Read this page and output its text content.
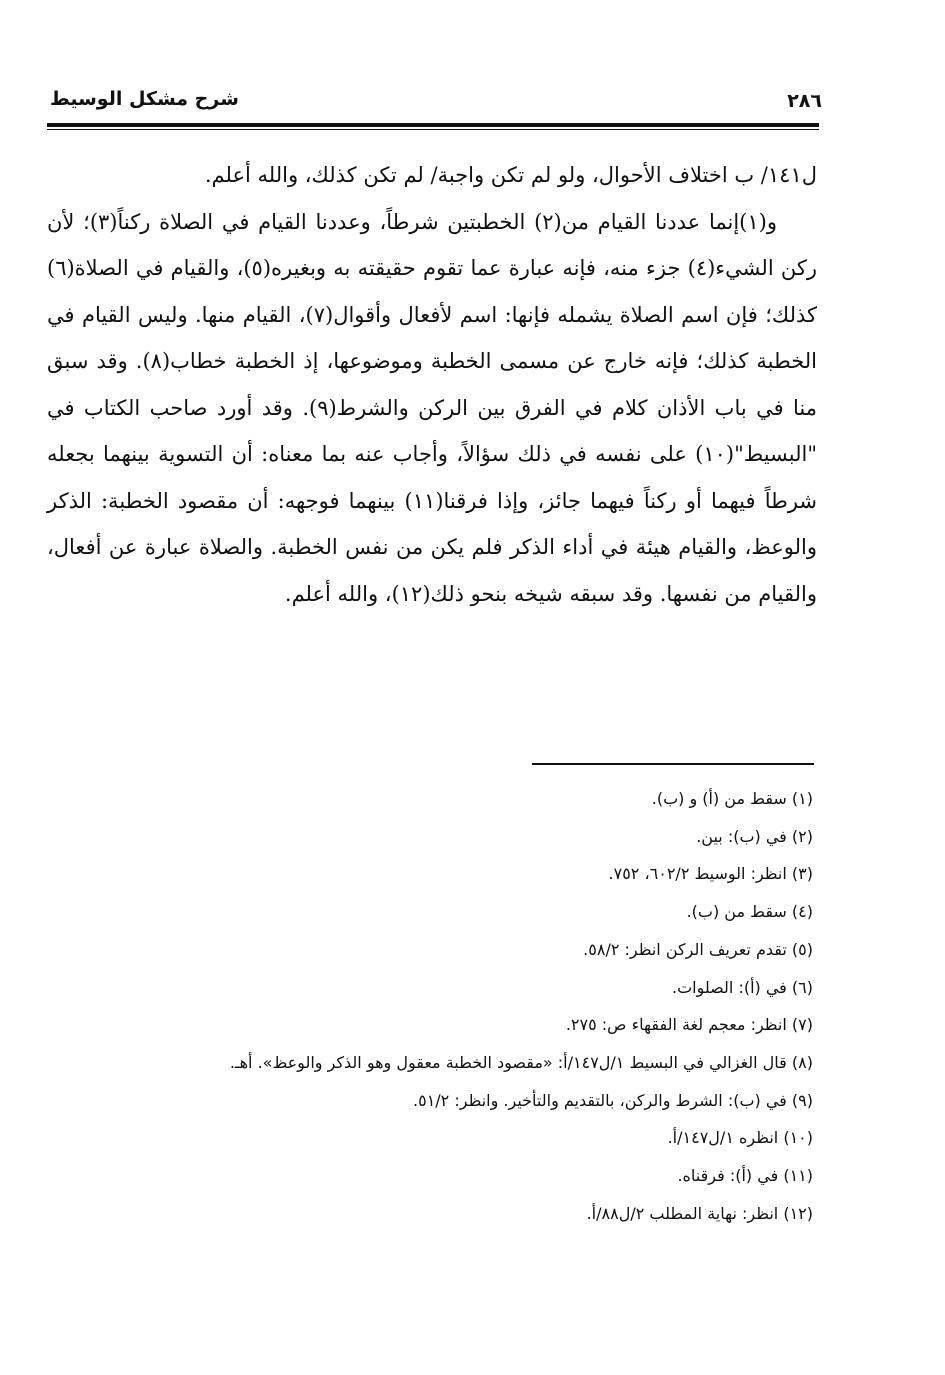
شرح مشكل الوسيط	٢٨٦

ل١٤١/ ب اختلاف الأحوال، ولو لم تكن واجبة/ لم تكن كذلك، والله أعلم.

و(١)إنما عددنا القيام من(٢) الخطبتين شرطاً، وعددنا القيام في الصلاة ركناً(٣)؛ لأن ركن الشيء(٤) جزء منه، فإنه عبارة عما تقوم حقيقته به وبغيره(٥)، والقيام في الصلاة(٦) كذلك؛ فإن اسم الصلاة يشمله فإنها: اسم لأفعال وأقوال(٧)، القيام منها. وليس القيام في الخطبة كذلك؛ فإنه خارج عن مسمى الخطبة وموضوعها، إذ الخطبة خطاب(٨). وقد سبق منا في باب الأذان كلام في الفرق بين الركن والشرط(٩). وقد أورد صاحب الكتاب في "البسيط"(١٠) على نفسه في ذلك سؤالاً، وأجاب عنه بما معناه: أن التسوية بينهما بجعله شرطاً فيهما أو ركناً فيهما جائز، وإذا فرقنا(١١) بينهما فوجهه: أن مقصود الخطبة: الذكر والوعظ، والقيام هيئة في أداء الذكر فلم يكن من نفس الخطبة. والصلاة عبارة عن أفعال، والقيام من نفسها. وقد سبقه شيخه بنحو ذلك(١٢)، والله أعلم.

(١) سقط من (أ) و (ب).
(٢) في (ب): بين.
(٣) انظر: الوسيط ٦٠٢/٢، ٧٥٢.
(٤) سقط من (ب).
(٥) تقدم تعريف الركن انظر: ٥٨/٢.
(٦) في (أ): الصلوات.
(٧) انظر: معجم لغة الفقهاء ص: ٢٧٥.
(٨) قال الغزالي في البسيط ١/ل١٤٧/أ: «مقصود الخطبة معقول وهو الذكر والوعظ». أهـ.
(٩) في (ب): الشرط والركن، بالتقديم والتأخير. وانظر: ٥١/٢.
(١٠) انظره ١/ل١٤٧/أ.
(١١) في (أ): فرقناه.
(١٢) انظر: نهاية المطلب ٢/ل٨٨/أ.
